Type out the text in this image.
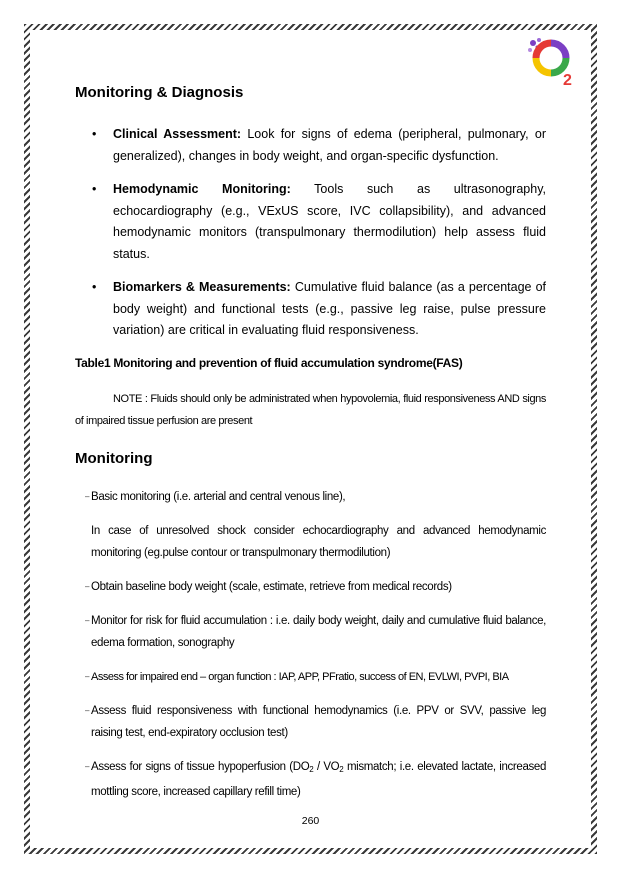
2
Monitoring & Diagnosis
• Clinical Assessment: Look for signs of edema (peripheral, pulmonary, or generalized), changes in body weight, and organ-specific dysfunction.
• Hemodynamic Monitoring: Tools such as ultrasonography, echocardiography (e.g., VExUS score, IVC collapsibility), and advanced hemodynamic monitors (transpulmonary thermodilution) help assess fluid status.
• Biomarkers & Measurements: Cumulative fluid balance (as a percentage of body weight) and functional tests (e.g., passive leg raise, pulse pressure variation) are critical in evaluating fluid responsiveness.
Table1 Monitoring and prevention of fluid accumulation syndrome(FAS)

NOTE : Fluids should only be administrated when hypovolemia, fluid responsiveness AND signs of impaired tissue perfusion are present

Monitoring
– Basic monitoring (i.e. arterial and central venous line),
In case of unresolved shock consider echocardiography and advanced hemodynamic monitoring (eg.pulse contour or transpulmonary thermodilution)
– Obtain baseline body weight (scale, estimate, retrieve from medical records)
– Monitor for risk for fluid accumulation : i.e. daily body weight, daily and cumulative fluid balance, edema formation, sonography
– Assess for impaired end – organ function : IAP, APP, PFratio, success of EN, EVLWI, PVPI, BIA
– Assess fluid responsiveness with functional hemodynamics (i.e. PPV or SVV, passive leg raising test, end-expiratory occlusion test)
– Assess for signs of tissue hypoperfusion ($DO_2 / VO_2$ mismatch; i.e. elevated lactate, increased mottling score, increased capillary refill time)
260
